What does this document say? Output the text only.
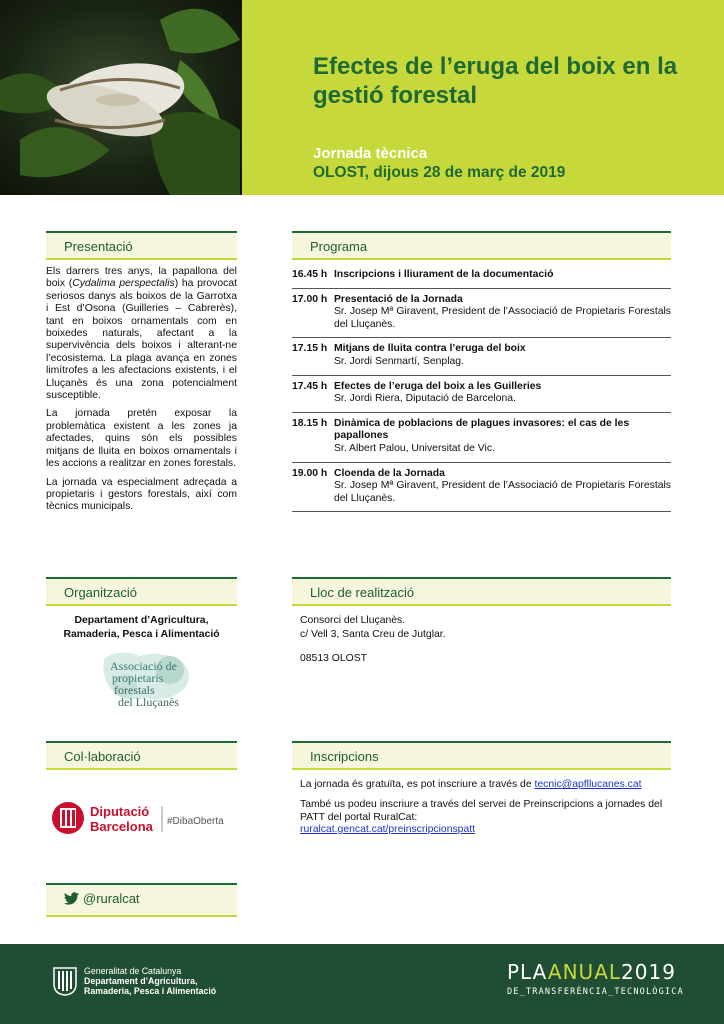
Efectes de l’eruga del boix en la gestió forestal
Jornada tècnica
OLOST, dijous 28 de març de 2019
Presentació

Els darrers tres anys, la papallona del boix (Cydalima perspectalis) ha provocat seriosos danys als boixos de la Garrotxa i Est d’Osona (Guilleries – Cabrerès), tant en boixos ornamentals com en boixedes naturals, afectant a la supervivència dels boixos i alterant-ne l’ecosistema. La plaga avança en zones limítrofes a les afectacions existents, i el Lluçanès és una zona potencialment susceptible.

La jornada pretén exposar la problemàtica existent a les zones ja afectades, quins són els possibles mitjans de lluita en boixos ornamentals i les accions a realitzar en zones forestals.

La jornada va especialment adreçada a propietaris i gestors forestals, així com tècnics municipals.

Programa
16.45 h Inscripcions i lliurament de la documentació
17.00 h Presentació de la Jornada
Sr. Josep Mª Giravent, President de l’Associació de Propietaris Forestals del Lluçanès.
17.15 h Mitjans de lluita contra l’eruga del boix
Sr. Jordi Senmartí, Senplag.
17.45 h Efectes de l’eruga del boix a les Guilleries
Sr. Jordi Riera, Diputació de Barcelona.
18.15 h Dinàmica de poblacions de plagues invasores: el cas de les papallones
Sr. Albert Palou, Universitat de Vic.
19.00 h Cloenda de la Jornada
Sr. Josep Mª Giravent, President de l’Associació de Propietaris Forestals del Lluçanès.
Organització
Departament d’Agricultura,
Ramaderia, Pesca i Alimentació
Associació de
propietaris
forestals
del Lluçanès
Lloc de realització
Consorci del Lluçanès.
c/ Vell 3, Santa Creu de Jutglar.
08513 OLOST
Col·laboració
Diputació
Barcelona #DibaOberta
Inscripcions

La jornada és gratuïta, es pot inscriure a través de tecnic@apfllucanes.cat

També us podeu inscriure a través del servei de Preinscripcions a jornades del PATT del portal RuralCat:
ruralcat.gencat.cat/preinscripcionspatt

@ruralcat
Generalitat de Catalunya
Departament d’Agricultura,
Ramaderia, Pesca i Alimentació
PLAANUAL2019
DE_TRANSFERÈNCIA_TECNOLÒGICA
